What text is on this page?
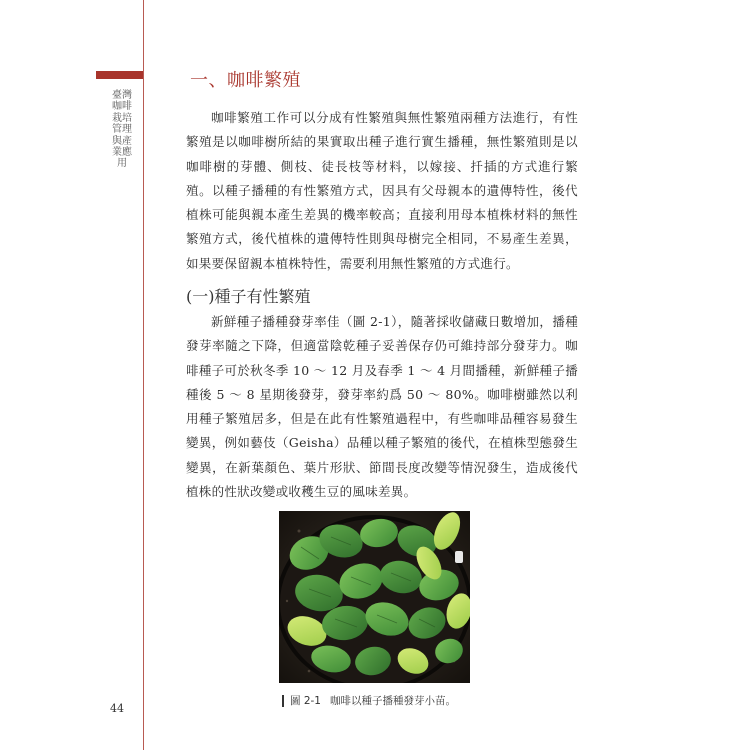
臺灣咖啡栽培管理與產業應用
44
一、咖啡繁殖

咖啡繁殖工作可以分成有性繁殖與無性繁殖兩種方法進行，有性繁殖是以咖啡樹所結的果實取出種子進行實生播種，無性繁殖則是以咖啡樹的芽體、側枝、徒長枝等材料，以嫁接、扦插的方式進行繁殖。以種子播種的有性繁殖方式，因具有父母親本的遺傳特性，後代植株可能與親本產生差異的機率較高；直接利用母本植株材料的無性繁殖方式，後代植株的遺傳特性則與母樹完全相同，不易產生差異，如果要保留親本植株特性，需要利用無性繁殖的方式進行。

(一)種子有性繁殖

新鮮種子播種發芽率佳（圖 2-1），隨著採收儲藏日數增加，播種發芽率隨之下降，但適當陰乾種子妥善保存仍可維持部分發芽力。咖啡種子可於秋冬季 10 ～ 12 月及春季 1 ～ 4 月間播種，新鮮種子播種後 5 ～ 8 星期後發芽，發芽率約爲 50 ～ 80%。咖啡樹雖然以利用種子繁殖居多，但是在此有性繁殖過程中，有些咖啡品種容易發生變異，例如藝伎（Geisha）品種以種子繁殖的後代，在植株型態發生變異，在新葉顏色、葉片形狀、節間長度改變等情況發生，造成後代植株的性狀改變或收穫生豆的風味差異。

圖 2-1 咖啡以種子播種發芽小苗。
